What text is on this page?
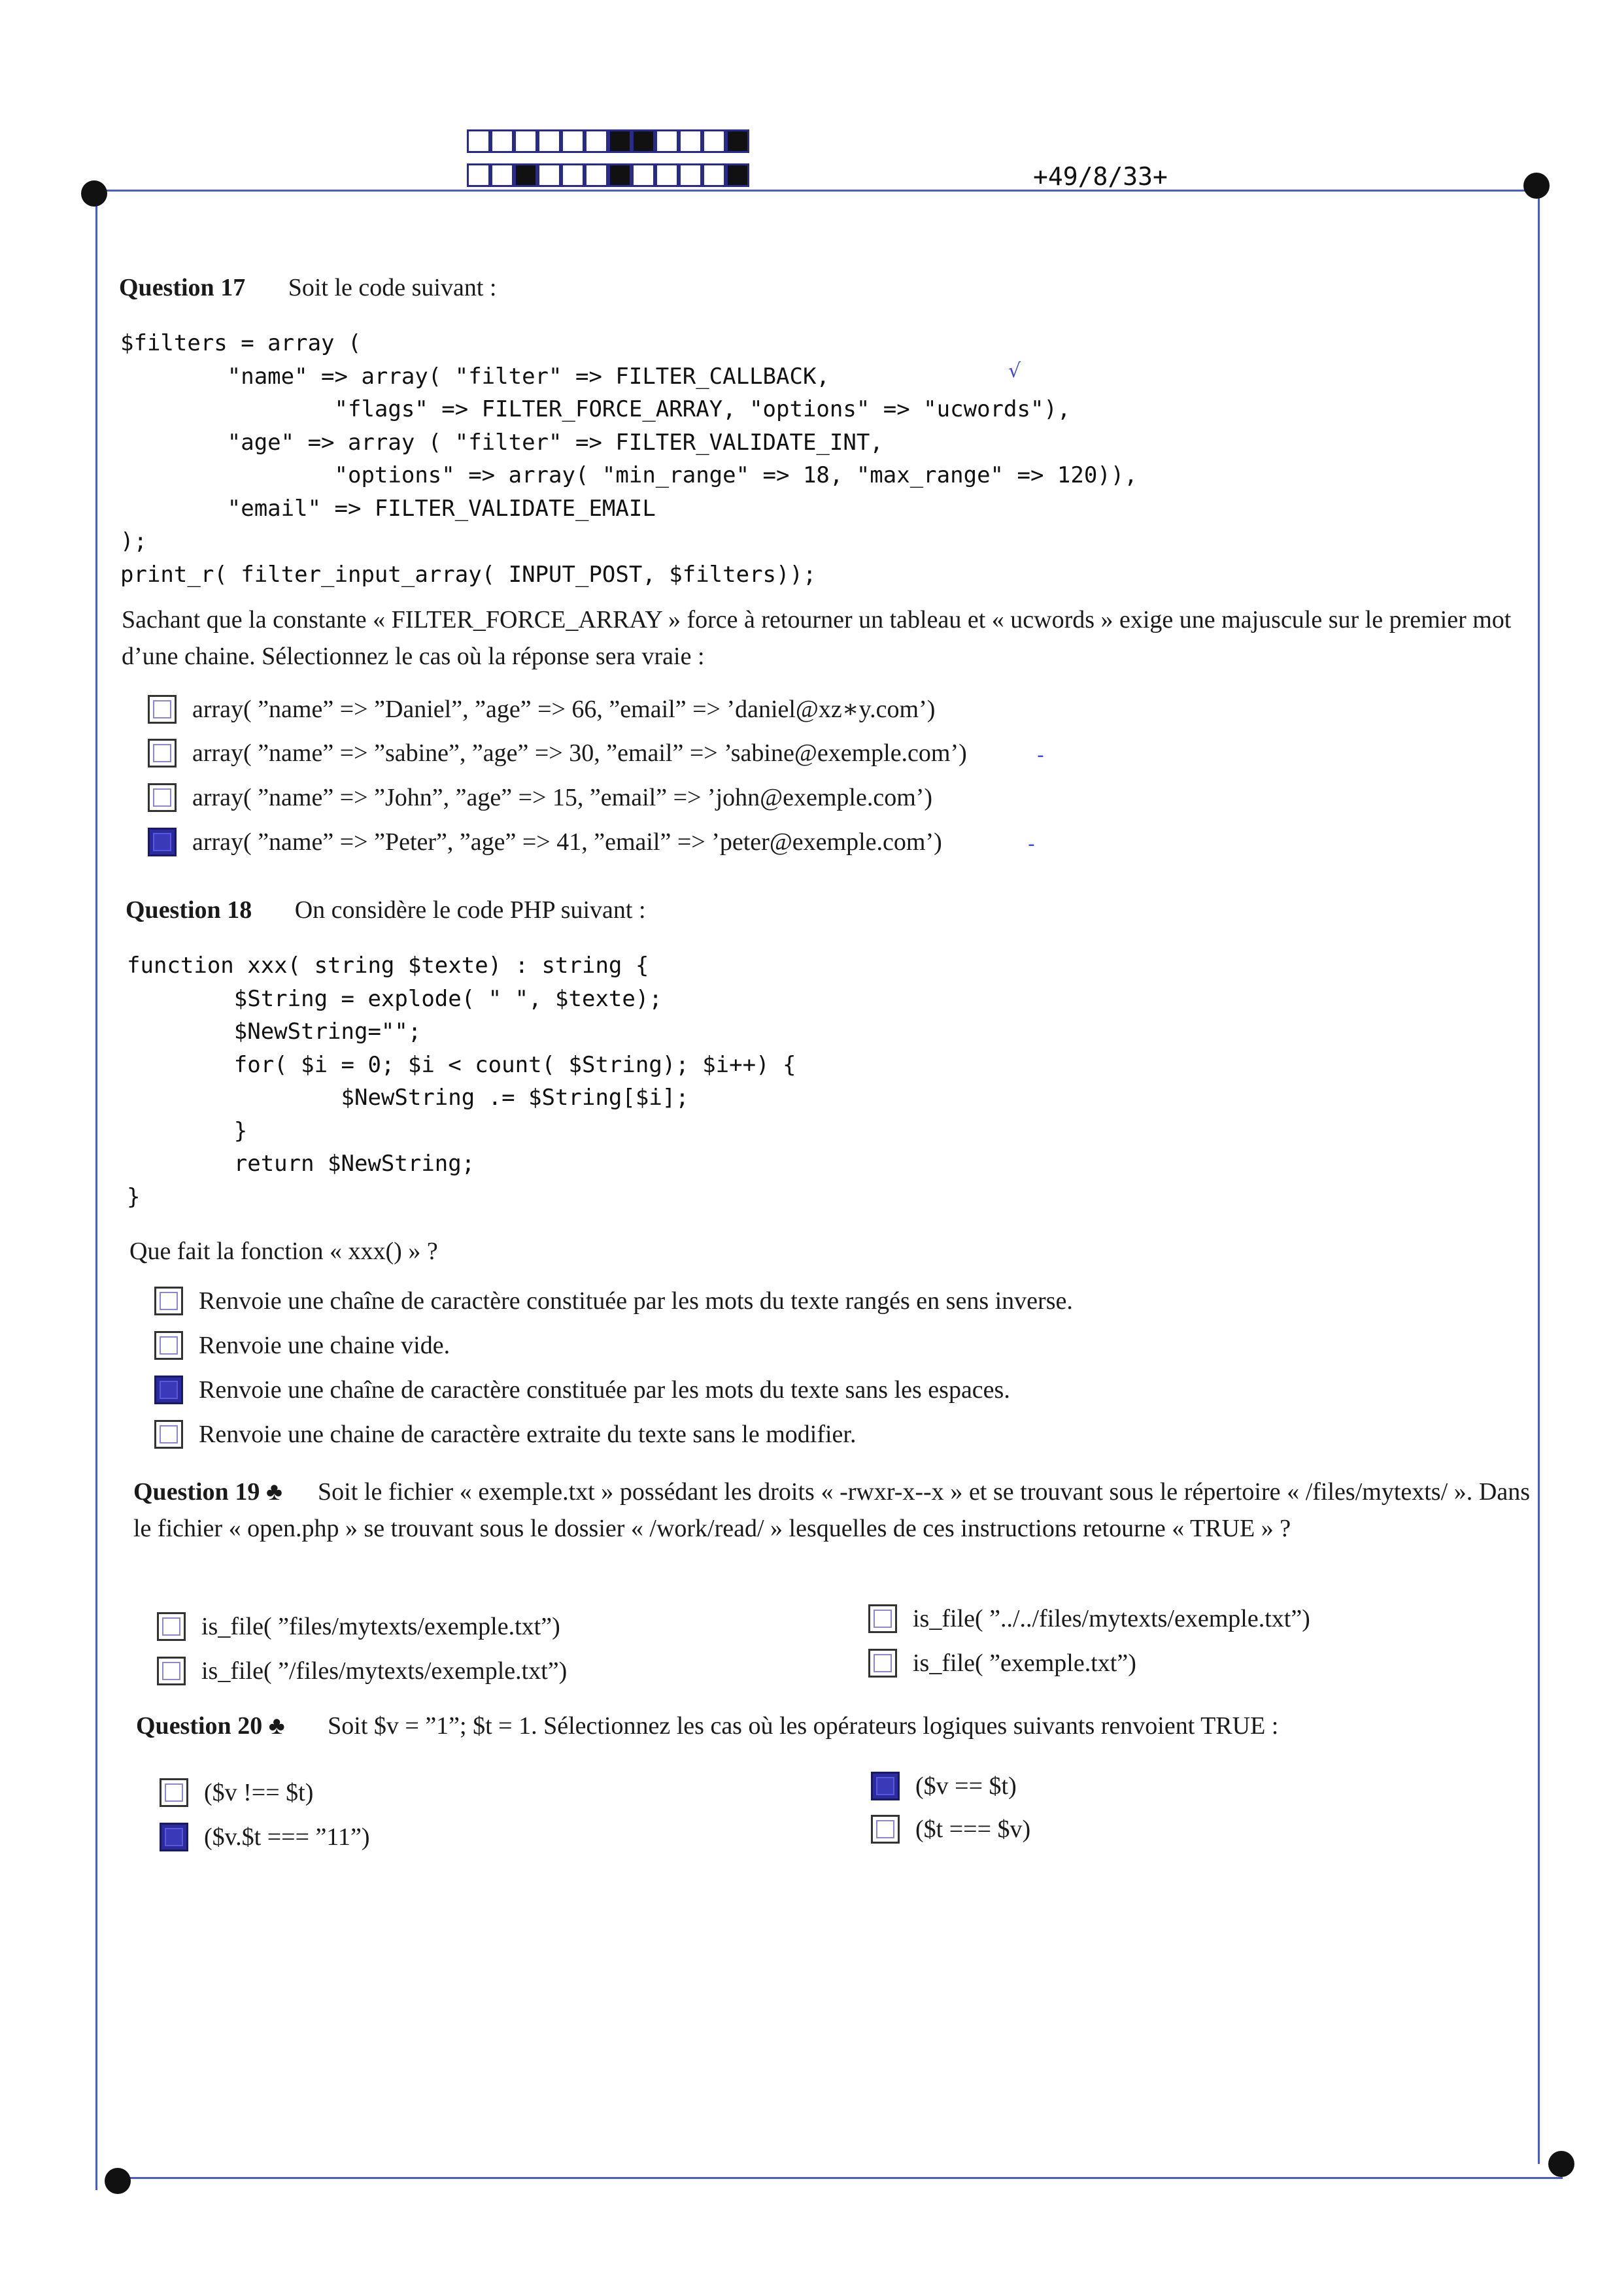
+49/8/33+
Question 17 Soit le code suivant :
$filters = array (
"name" => array( "filter" => FILTER_CALLBACK,
"flags" => FILTER_FORCE_ARRAY, "options" => "ucwords"),
"age" => array ( "filter" => FILTER_VALIDATE_INT,
"options" => array( "min_range" => 18, "max_range" => 120)),
"email" => FILTER_VALIDATE_EMAIL
);
print_r( filter_input_array( INPUT_POST, $filters));
√
Sachant que la constante « FILTER_FORCE_ARRAY » force à retourner un tableau et « ucwords » exige une majuscule sur le premier mot d’une chaine. Sélectionnez le cas où la réponse sera vraie :
array( ”name” => ”Daniel”, ”age” => 66, ”email” => ’daniel@xz∗y.com’)
array( ”name” => ”sabine”, ”age” => 30, ”email” => ’sabine@exemple.com’)	-
array( ”name” => ”John”, ”age” => 15, ”email” => ’john@exemple.com’)
array( ”name” => ”Peter”, ”age” => 41, ”email” => ’peter@exemple.com’)	-
Question 18 On considère le code PHP suivant :
function xxx( string $texte) : string {
$String = explode( " ", $texte);
$NewString="";
for( $i = 0; $i < count( $String); $i++) {
$NewString .= $String[$i];
}
return $NewString;
}
Que fait la fonction « xxx() » ?
Renvoie une chaîne de caractère constituée par les mots du texte rangés en sens inverse.
Renvoie une chaine vide.
Renvoie une chaîne de caractère constituée par les mots du texte sans les espaces.
Renvoie une chaine de caractère extraite du texte sans le modifier.
Question 19 ♣ Soit le fichier « exemple.txt » possédant les droits « -rwxr-x--x » et se trouvant sous le répertoire « /files/mytexts/ ». Dans le fichier « open.php » se trouvant sous le dossier « /work/read/ » lesquelles de ces instructions retourne « TRUE » ?
is_file( ”files/mytexts/exemple.txt”)
is_file( ”/files/mytexts/exemple.txt”)
is_file( ”../../files/mytexts/exemple.txt”)
is_file( ”exemple.txt”)
Question 20 ♣ Soit $v = ”1”; $t = 1. Sélectionnez les cas où les opérateurs logiques suivants renvoient TRUE :
($v !== $t)
($v.$t === ”11”)
($v == $t)
($t === $v)
